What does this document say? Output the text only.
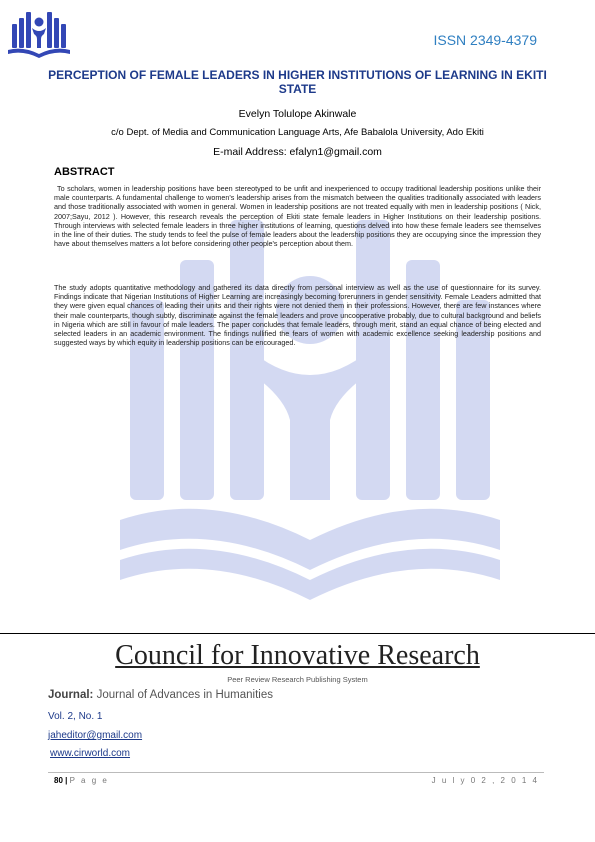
ISSN 2349-4379
PERCEPTION OF FEMALE LEADERS IN HIGHER INSTITUTIONS OF LEARNING IN EKITI STATE
Evelyn Tolulope Akinwale
c/o Dept. of Media and Communication Language Arts, Afe Babalola University, Ado Ekiti
E-mail Address: efalyn1@gmail.com
ABSTRACT
To scholars, women in leadership positions have been stereotyped to be unfit and inexperienced to occupy traditional leadership positions unlike their male counterparts. A fundamental challenge to women's leadership arises from the mismatch between the qualities traditionally associated with leaders and those traditionally associated with women in general. Women in leadership positions are not treated equally with men in leadership positions ( Nick, 2007;Sayu, 2012 ). However, this research reveals the perception of Ekiti state female leaders in Higher Institutions on their leadership positions. Through interviews with selected female leaders in three higher institutions of learning, questions delved into how these female leaders see themselves in the line of their duties. The study tends to feel the pulse of female leaders about the leadership positions they are occupying since the impression they have about themselves matters a lot before considering other people's perception about them.
The study adopts quantitative methodology and gathered its data directly from personal interview as well as the use of questionnaire for its survey. Findings indicate that Nigerian Institutions of Higher Learning are increasingly becoming forerunners in gender sensitivity. Female Leaders admitted that they were given equal chances of leading their units and their rights were not denied them in their professions. However, there are few instances where their male counterparts, though subtly, discriminate against the female leaders and prove uncooperative probably, due to cultural background and beliefs in Nigeria which are still in favour of male leaders. The paper concludes that female leaders, through merit, stand an equal chance of being elected and selected leaders in an academic environment. The findings nullified the fears of women with academic excellence seeking leadership positions and suggested ways by which equity in leadership positions can be encouraged.
Council for Innovative Research
Peer Review Research Publishing System
Journal: Journal of Advances in Humanities
Vol. 2, No. 1
jaheditor@gmail.com
www.cirworld.com
80 | P a g e	J u l y 0 2 , 2 0 1 4
